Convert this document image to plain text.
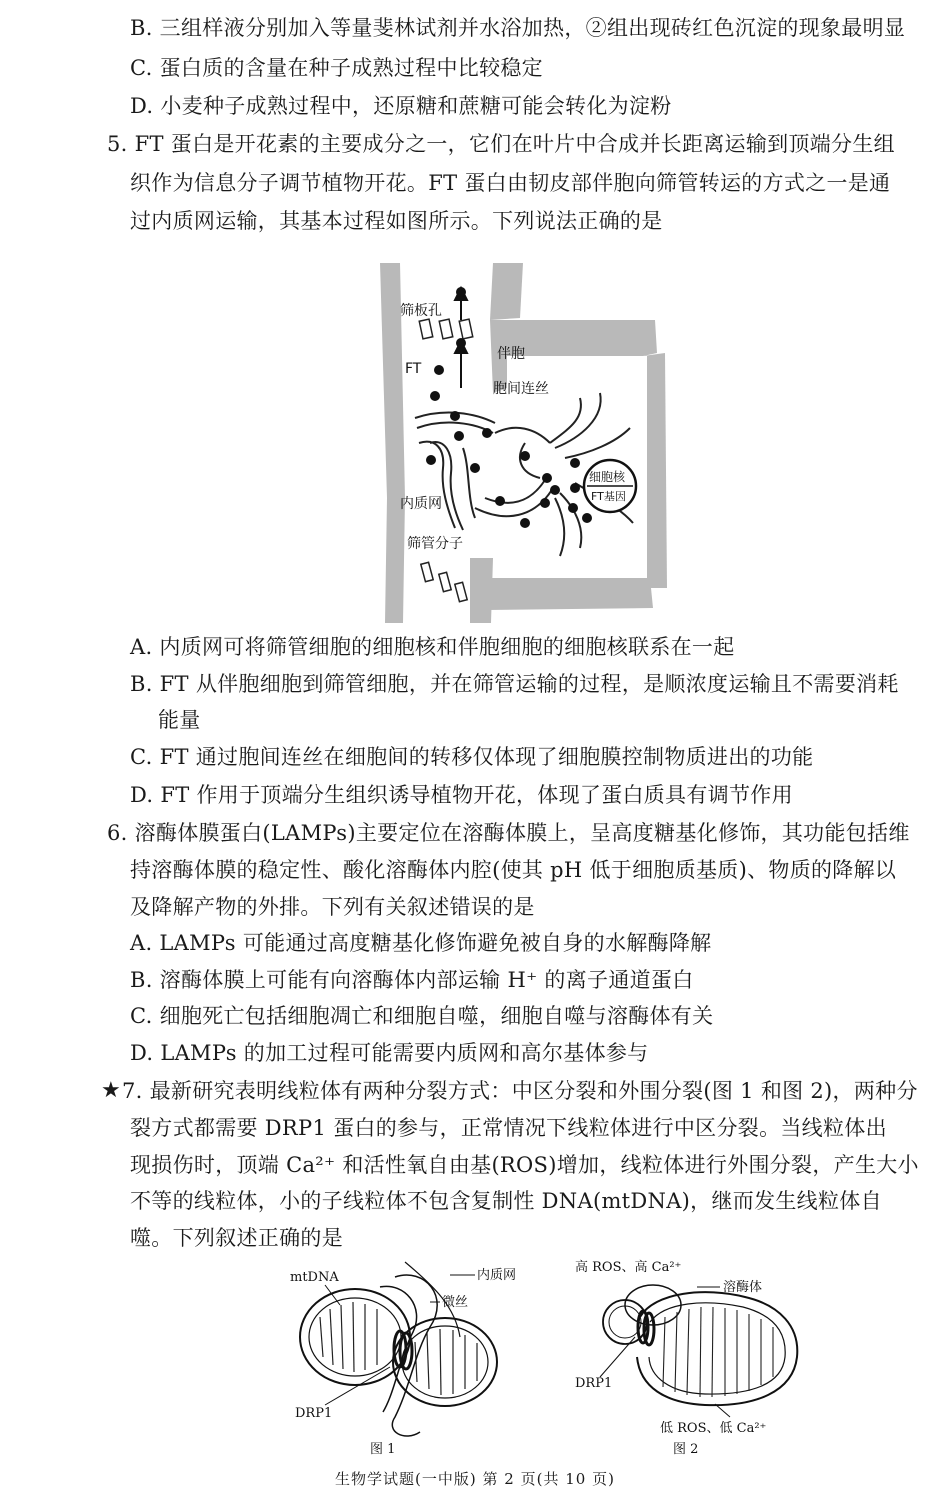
B. 三组样液分别加入等量斐林试剂并水浴加热，②组出现砖红色沉淀的现象最明显
C. 蛋白质的含量在种子成熟过程中比较稳定
D. 小麦种子成熟过程中，还原糖和蔗糖可能会转化为淀粉
5. FT 蛋白是开花素的主要成分之一，它们在叶片中合成并长距离运输到顶端分生组
织作为信息分子调节植物开花。FT 蛋白由韧皮部伴胞向筛管转运的方式之一是通
过内质网运输，其基本过程如图所示。下列说法正确的是
筛板孔
FT
伴胞
胞间连丝
细胞核
FT基因
内质网
筛管分子
A. 内质网可将筛管细胞的细胞核和伴胞细胞的细胞核联系在一起
B. FT 从伴胞细胞到筛管细胞，并在筛管运输的过程，是顺浓度运输且不需要消耗
能量
C. FT 通过胞间连丝在细胞间的转移仅体现了细胞膜控制物质进出的功能
D. FT 作用于顶端分生组织诱导植物开花，体现了蛋白质具有调节作用
6. 溶酶体膜蛋白(LAMPs)主要定位在溶酶体膜上，呈高度糖基化修饰，其功能包括维
持溶酶体膜的稳定性、酸化溶酶体内腔(使其 pH 低于细胞质基质)、物质的降解以
及降解产物的外排。下列有关叙述错误的是
A. LAMPs 可能通过高度糖基化修饰避免被自身的水解酶降解
B. 溶酶体膜上可能有向溶酶体内部运输 H⁺ 的离子通道蛋白
C. 细胞死亡包括细胞凋亡和细胞自噬，细胞自噬与溶酶体有关
D. LAMPs 的加工过程可能需要内质网和高尔基体参与
★ 7. 最新研究表明线粒体有两种分裂方式：中区分裂和外围分裂(图 1 和图 2)，两种分
裂方式都需要 DRP1 蛋白的参与，正常情况下线粒体进行中区分裂。当线粒体出
现损伤时，顶端 Ca²⁺ 和活性氧自由基(ROS)增加，线粒体进行外围分裂，产生大小
不等的线粒体，小的子线粒体不包含复制性 DNA(mtDNA)，继而发生线粒体自
噬。下列叙述正确的是
mtDNA	内质网
微丝
DRP1
图 1
高 ROS、高 Ca²⁺
溶酶体
DRP1
低 ROS、低 Ca²⁺
图 2
生物学试题(一中版) 第 2 页(共 10 页)
